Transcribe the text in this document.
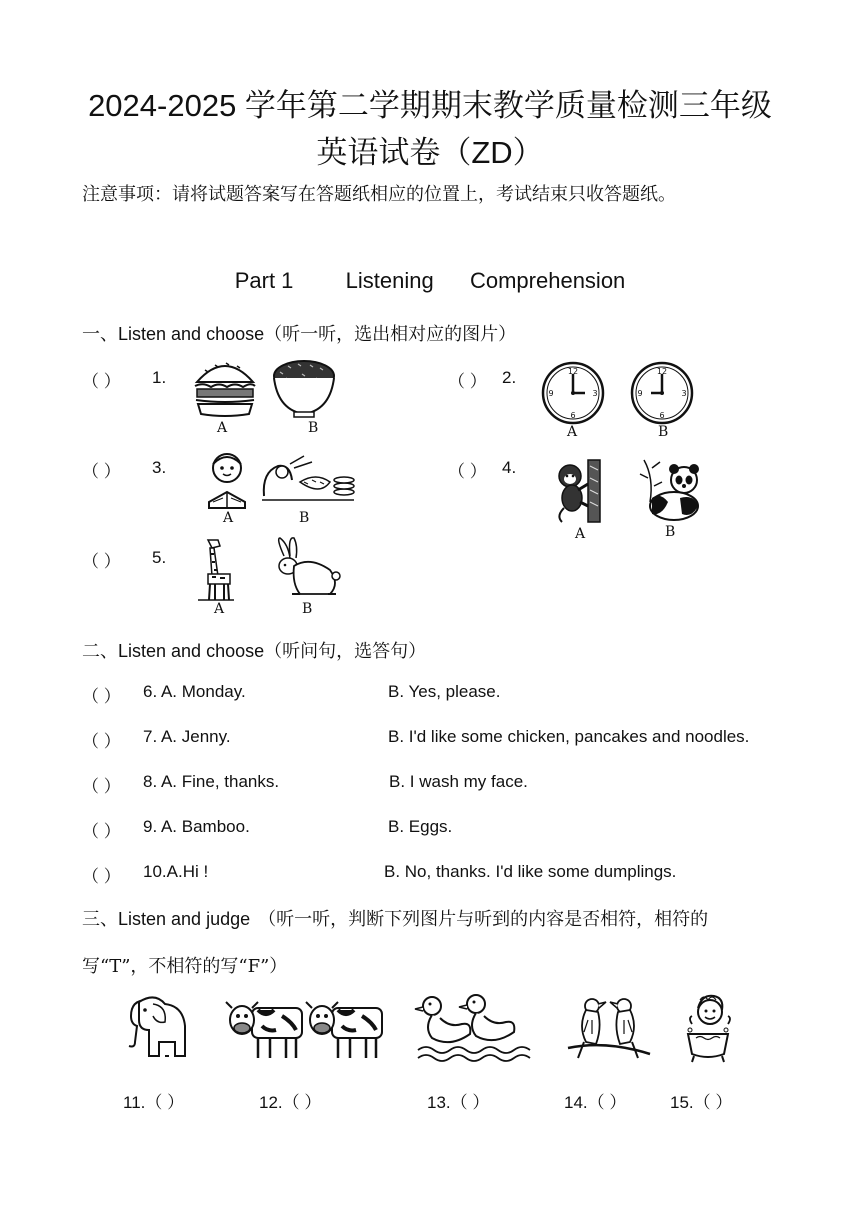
2024-2025 学年第二学期期末教学质量检测三年级
英语试卷（ZD）
注意事项：请将试题答案写在答题纸相应的位置上，考试结束只收答题纸。
Part 1 Listening Comprehension
一、Listen and choose（听一听，选出相对应的图片）
（ ） 1.
A	B
（ ） 2.	12
3
6
9
12
3
6
9
A	B
（ ） 3.
A	B
（ ） 4.
A	B
（ ） 5.
A	B
二、Listen and choose（听问句，选答句）
（ ） 6. A. Monday.	B. Yes, please.
（ ） 7. A. Jenny.	B. I'd like some chicken, pancakes and noodles.
（ ） 8. A. Fine, thanks.	B. I wash my face.
（ ） 9. A. Bamboo.	B. Eggs.
（ ） 10.A.Hi !	B. No, thanks. I'd like some dumplings.
三、Listen and judge （听一听，判断下列图片与听到的内容是否相符，相符的
写“T”，不相符的写“F”）
11.（ ）	12.（ ）	13.（ ）	14.（ ）	15.（ ）
